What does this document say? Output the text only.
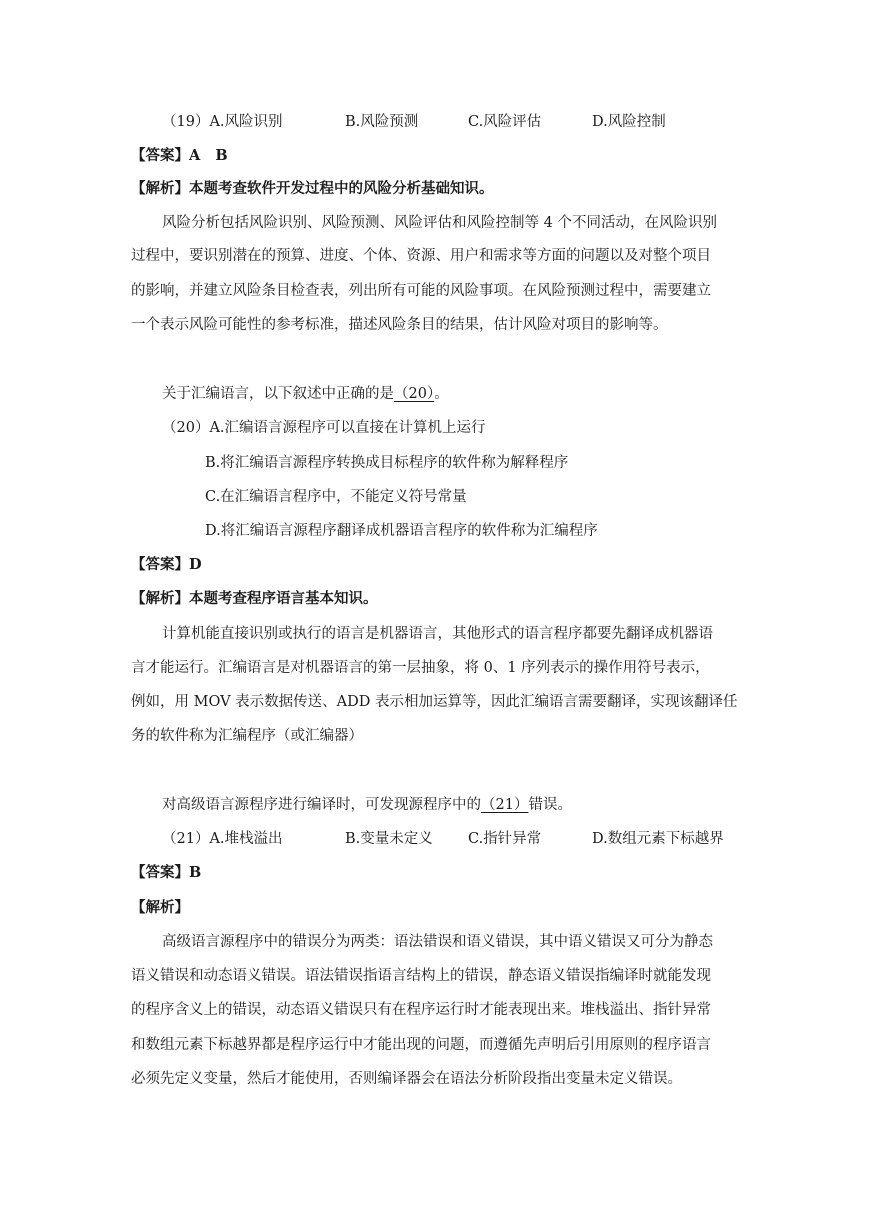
（19）A.风险识别	B.风险预测	C.风险评估	D.风险控制
【答案】A   B
【解析】本题考查软件开发过程中的风险分析基础知识。
风险分析包括风险识别、风险预测、风险评估和风险控制等 4 个不同活动，在风险识别
过程中，要识别潜在的预算、进度、个体、资源、用户和需求等方面的问题以及对整个项目
的影响，并建立风险条目检查表，列出所有可能的风险事项。在风险预测过程中，需要建立
一个表示风险可能性的参考标准，描述风险条目的结果，估计风险对项目的影响等。
关于汇编语言，以下叙述中正确的是（20）。
（20）A.汇编语言源程序可以直接在计算机上运行
B.将汇编语言源程序转换成目标程序的软件称为解释程序
C.在汇编语言程序中，不能定义符号常量
D.将汇编语言源程序翻译成机器语言程序的软件称为汇编程序
【答案】D
【解析】本题考查程序语言基本知识。
计算机能直接识别或执行的语言是机器语言，其他形式的语言程序都要先翻译成机器语
言才能运行。汇编语言是对机器语言的第一层抽象，将 0、1 序列表示的操作用符号表示，
例如，用 MOV 表示数据传送、ADD 表示相加运算等，因此汇编语言需要翻译，实现该翻译任
务的软件称为汇编程序（或汇编器）
对高级语言源程序进行编译时，可发现源程序中的（21）错误。
（21）A.堆栈溢出	B.变量未定义 C.指针异常	D.数组元素下标越界
【答案】B
【解析】
高级语言源程序中的错误分为两类：语法错误和语义错误，其中语义错误又可分为静态
语义错误和动态语义错误。语法错误指语言结构上的错误，静态语义错误指编译时就能发现
的程序含义上的错误，动态语义错误只有在程序运行时才能表现出来。堆栈溢出、指针异常
和数组元素下标越界都是程序运行中才能出现的问题，而遵循先声明后引用原则的程序语言
必须先定义变量，然后才能使用，否则编译器会在语法分析阶段指出变量未定义错误。
